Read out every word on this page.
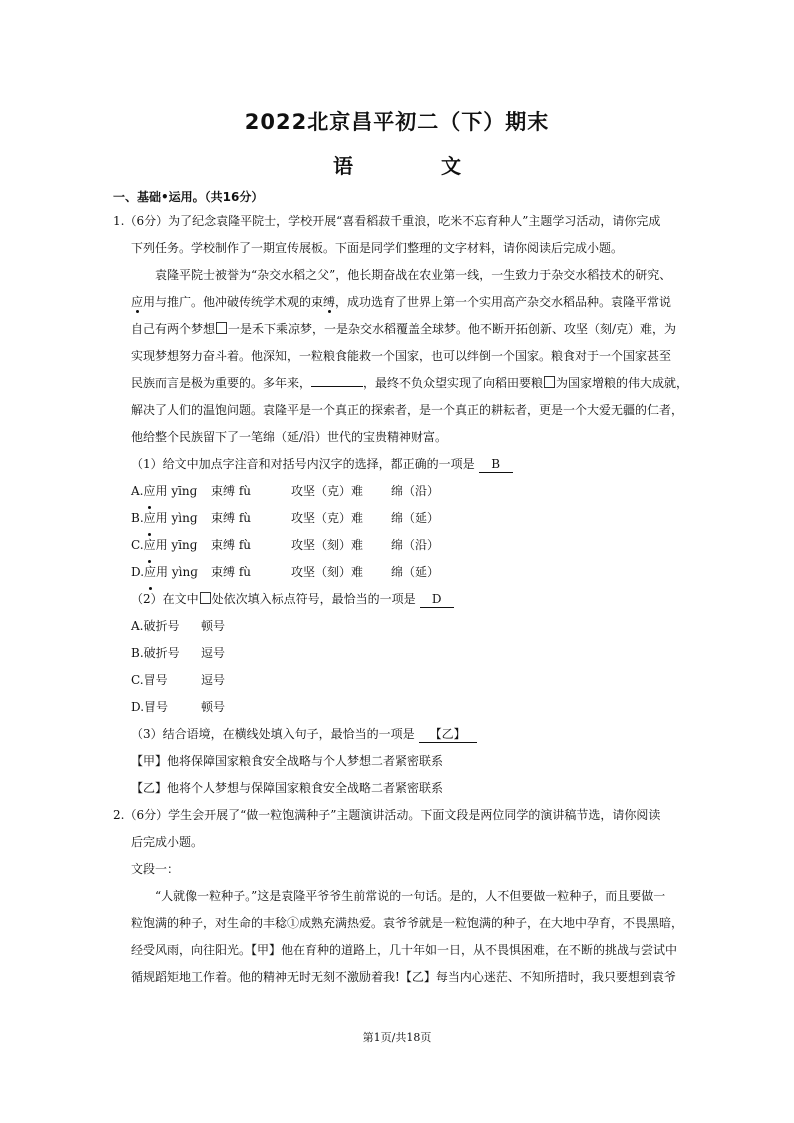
2022北京昌平初二（下）期末
语　文
一、基础•运用。（共16分）
1.（6分）为了纪念袁隆平院士，学校开展“喜看稻菽千重浪，吃米不忘育种人”主题学习活动，请你完成
下列任务。学校制作了一期宣传展板。下面是同学们整理的文字材料，请你阅读后完成小题。
袁隆平院士被誉为“杂交水稻之父”，他长期奋战在农业第一线，一生致力于杂交水稻技术的研究、
应用与推广。他冲破传统学术观的束缚，成功选育了世界上第一个实用高产杂交水稻品种。袁隆平常说
自己有两个梦想 一是禾下乘凉梦，一是杂交水稻覆盖全球梦。他不断开拓创新、攻坚（刻/克）难，为
实现梦想努力奋斗着。他深知，一粒粮食能救一个国家，也可以绊倒一个国家。粮食对于一个国家甚至
民族而言是极为重要的。多年来，	，最终不负众望实现了向稻田要粮 为国家增粮的伟大成就，
解决了人们的温饱问题。袁隆平是一个真正的探索者，是一个真正的耕耘者，更是一个大爱无疆的仁者，
他给整个民族留下了一笔绵（延/沿）世代的宝贵精神财富。
（1）给文中加点字注音和对括号内汉字的选择，都正确的一项是 B
A.应用 yīnɡ 束缚 fù	攻坚（克）难 绵（沿）
B.应用 yìnɡ 束缚 fù	攻坚（克）难 绵（延）
C.应用 yīnɡ 束缚 fù	攻坚（刻）难 绵（沿）
D.应用 yìnɡ 束缚 fù	攻坚（刻）难 绵（延）
（2）在文中 处依次填入标点符号，最恰当的一项是 D
A.破折号 顿号
B.破折号 逗号
C.冒号	逗号
D.冒号	顿号
（3）结合语境，在横线处填入句子，最恰当的一项是 【乙】
【甲】他将保障国家粮食安全战略与个人梦想二者紧密联系
【乙】他将个人梦想与保障国家粮食安全战略二者紧密联系
2.（6分）学生会开展了“做一粒饱满种子”主题演讲活动。下面文段是两位同学的演讲稿节选，请你阅读
后完成小题。
文段一：
“人就像一粒种子。”这是袁隆平爷爷生前常说的一句话。是的，人不但要做一粒种子，而且要做一
粒饱满的种子，对生命的丰稔①成熟充满热爱。袁爷爷就是一粒饱满的种子，在大地中孕育，不畏黑暗，
经受风雨，向往阳光。【甲】他在育种的道路上，几十年如一日，从不畏惧困难，在不断的挑战与尝试中
循规蹈矩地工作着。他的精神无时无刻不激励着我!【乙】每当内心迷茫、不知所措时，我只要想到袁爷
第1页/共18页
